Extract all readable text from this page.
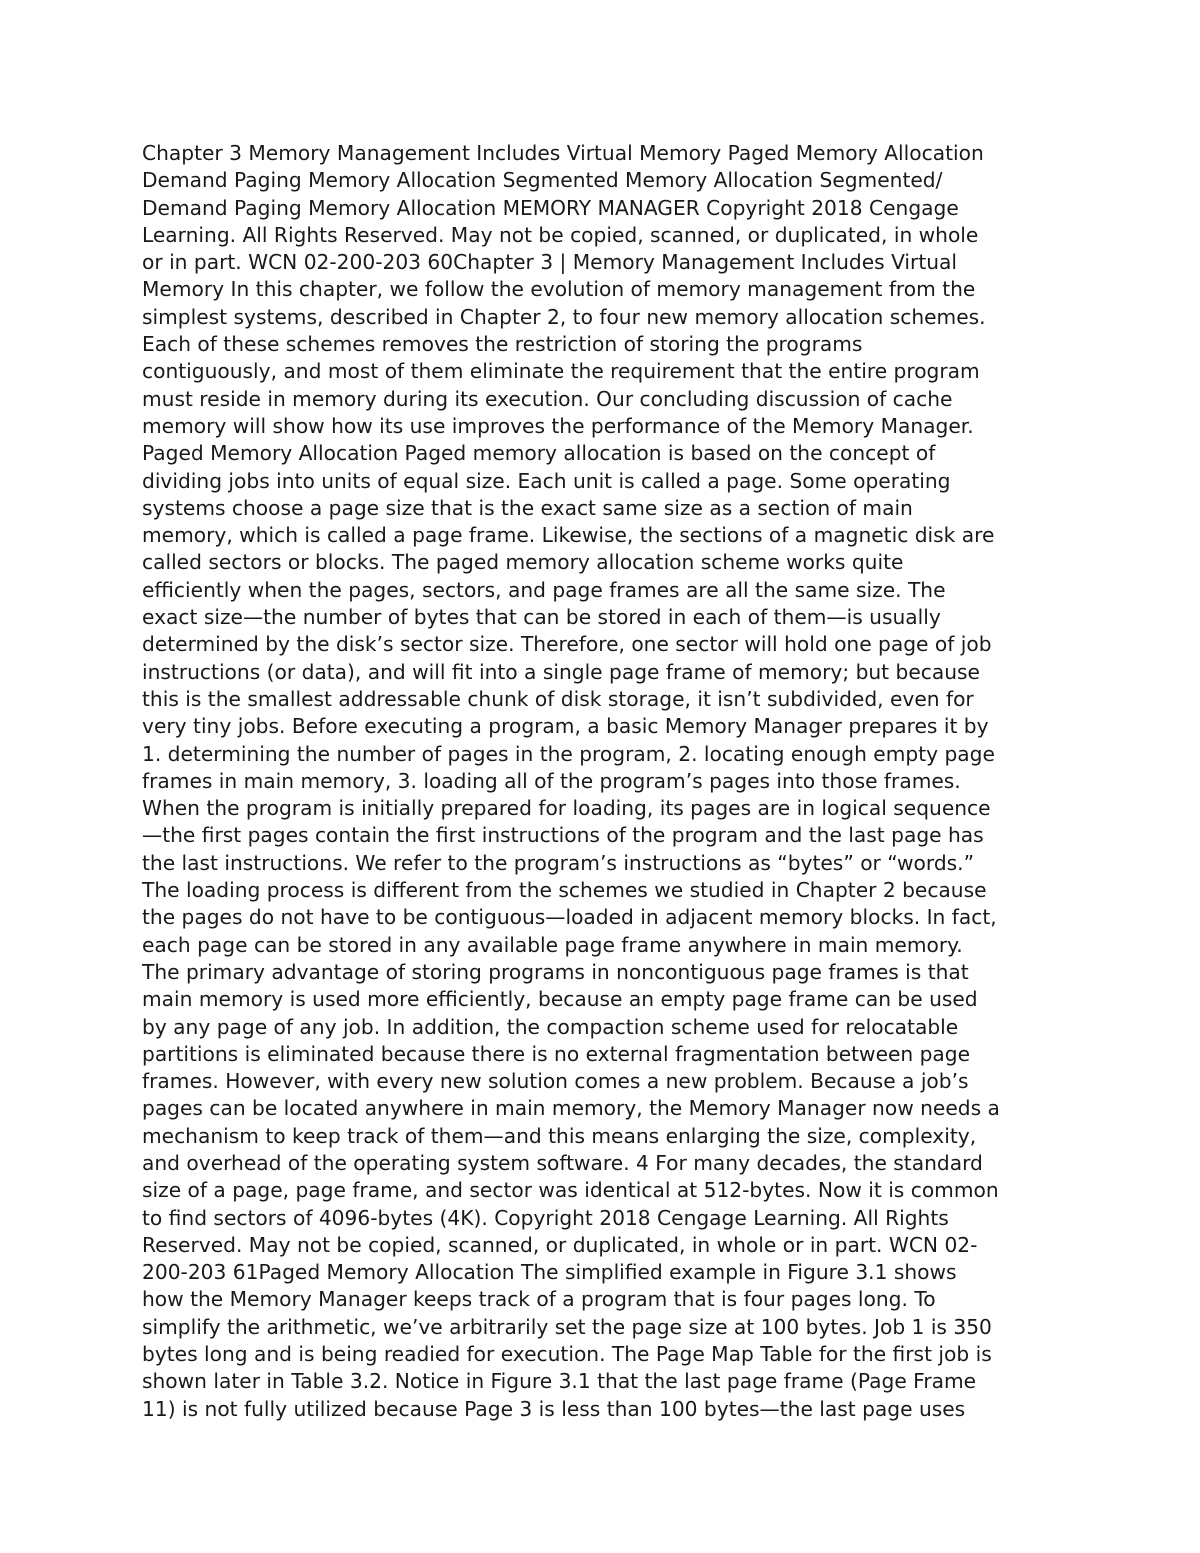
Chapter 3 Memory Management Includes Virtual Memory Paged Memory Allocation
Demand Paging Memory Allocation Segmented Memory Allocation Segmented/
Demand Paging Memory Allocation MEMORY MANAGER Copyright 2018 Cengage
Learning. All Rights Reserved. May not be copied, scanned, or duplicated, in whole
or in part. WCN 02-200-203 60Chapter 3 | Memory Management Includes Virtual
Memory In this chapter, we follow the evolution of memory management from the
simplest systems, described in Chapter 2, to four new memory allocation schemes.
Each of these schemes removes the restriction of storing the programs
contiguously, and most of them eliminate the requirement that the entire program
must reside in memory during its execution. Our concluding discussion of cache
memory will show how its use improves the performance of the Memory Manager.
Paged Memory Allocation Paged memory allocation is based on the concept of
dividing jobs into units of equal size. Each unit is called a page. Some operating
systems choose a page size that is the exact same size as a section of main
memory, which is called a page frame. Likewise, the sections of a magnetic disk are
called sectors or blocks. The paged memory allocation scheme works quite
efficiently when the pages, sectors, and page frames are all the same size. The
exact size—the number of bytes that can be stored in each of them—is usually
determined by the disk’s sector size. Therefore, one sector will hold one page of job
instructions (or data), and will fit into a single page frame of memory; but because
this is the smallest addressable chunk of disk storage, it isn’t subdivided, even for
very tiny jobs. Before executing a program, a basic Memory Manager prepares it by
1. determining the number of pages in the program, 2. locating enough empty page
frames in main memory, 3. loading all of the program’s pages into those frames.
When the program is initially prepared for loading, its pages are in logical sequence
—the first pages contain the first instructions of the program and the last page has
the last instructions. We refer to the program’s instructions as “bytes” or “words.”
The loading process is different from the schemes we studied in Chapter 2 because
the pages do not have to be contiguous—loaded in adjacent memory blocks. In fact,
each page can be stored in any available page frame anywhere in main memory.
The primary advantage of storing programs in noncontiguous page frames is that
main memory is used more efficiently, because an empty page frame can be used
by any page of any job. In addition, the compaction scheme used for relocatable
partitions is eliminated because there is no external fragmentation between page
frames. However, with every new solution comes a new problem. Because a job’s
pages can be located anywhere in main memory, the Memory Manager now needs a
mechanism to keep track of them—and this means enlarging the size, complexity,
and overhead of the operating system software. 4 For many decades, the standard
size of a page, page frame, and sector was identical at 512-bytes. Now it is common
to find sectors of 4096-bytes (4K). Copyright 2018 Cengage Learning. All Rights
Reserved. May not be copied, scanned, or duplicated, in whole or in part. WCN 02-
200-203 61Paged Memory Allocation The simplified example in Figure 3.1 shows
how the Memory Manager keeps track of a program that is four pages long. To
simplify the arithmetic, we’ve arbitrarily set the page size at 100 bytes. Job 1 is 350
bytes long and is being readied for execution. The Page Map Table for the first job is
shown later in Table 3.2. Notice in Figure 3.1 that the last page frame (Page Frame
11) is not fully utilized because Page 3 is less than 100 bytes—the last page uses
